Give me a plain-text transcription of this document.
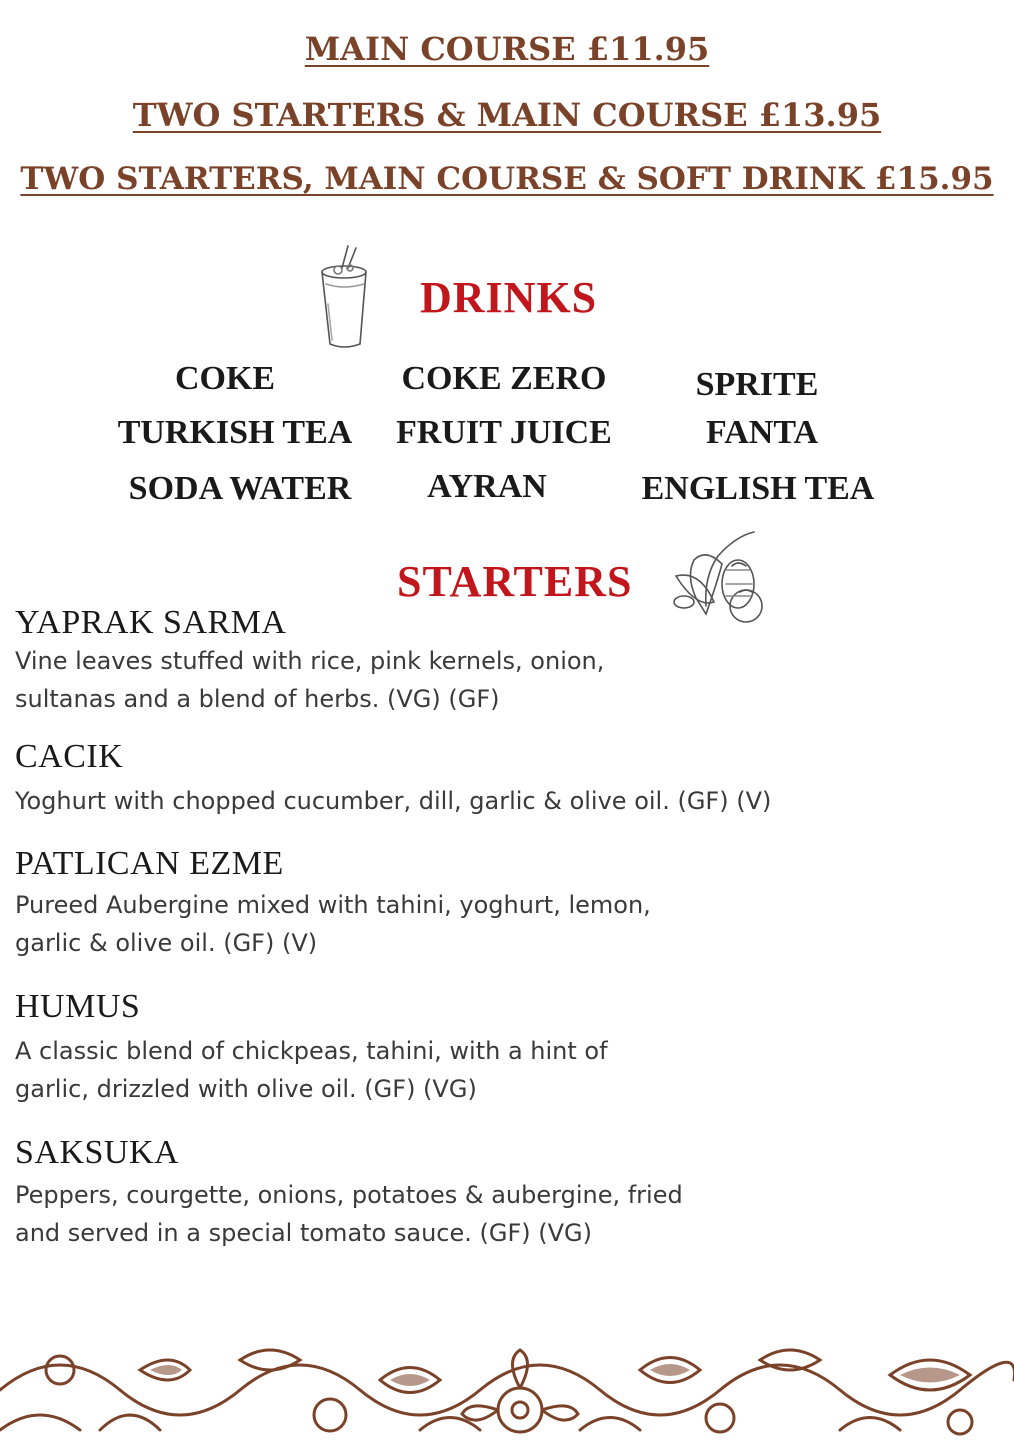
MAIN COURSE £11.95
TWO STARTERS & MAIN COURSE £13.95
TWO STARTERS, MAIN COURSE & SOFT DRINK £15.95
DRINKS
COKE	COKE ZERO	SPRITE
TURKISH TEA	FRUIT JUICE	FANTA
SODA WATER	AYRAN	ENGLISH TEA
STARTERS
YAPRAK SARMA
Vine leaves stuffed with rice, pink kernels, onion,
sultanas and a blend of herbs. (VG) (GF)
CACIK
Yoghurt with chopped cucumber, dill, garlic & olive oil. (GF) (V)
PATLICAN EZME
Pureed Aubergine mixed with tahini, yoghurt, lemon,
garlic & olive oil. (GF) (V)
HUMUS
A classic blend of chickpeas, tahini, with a hint of
garlic, drizzled with olive oil. (GF) (VG)
SAKSUKA
Peppers, courgette, onions, potatoes & aubergine, fried
and served in a special tomato sauce. (GF) (VG)
